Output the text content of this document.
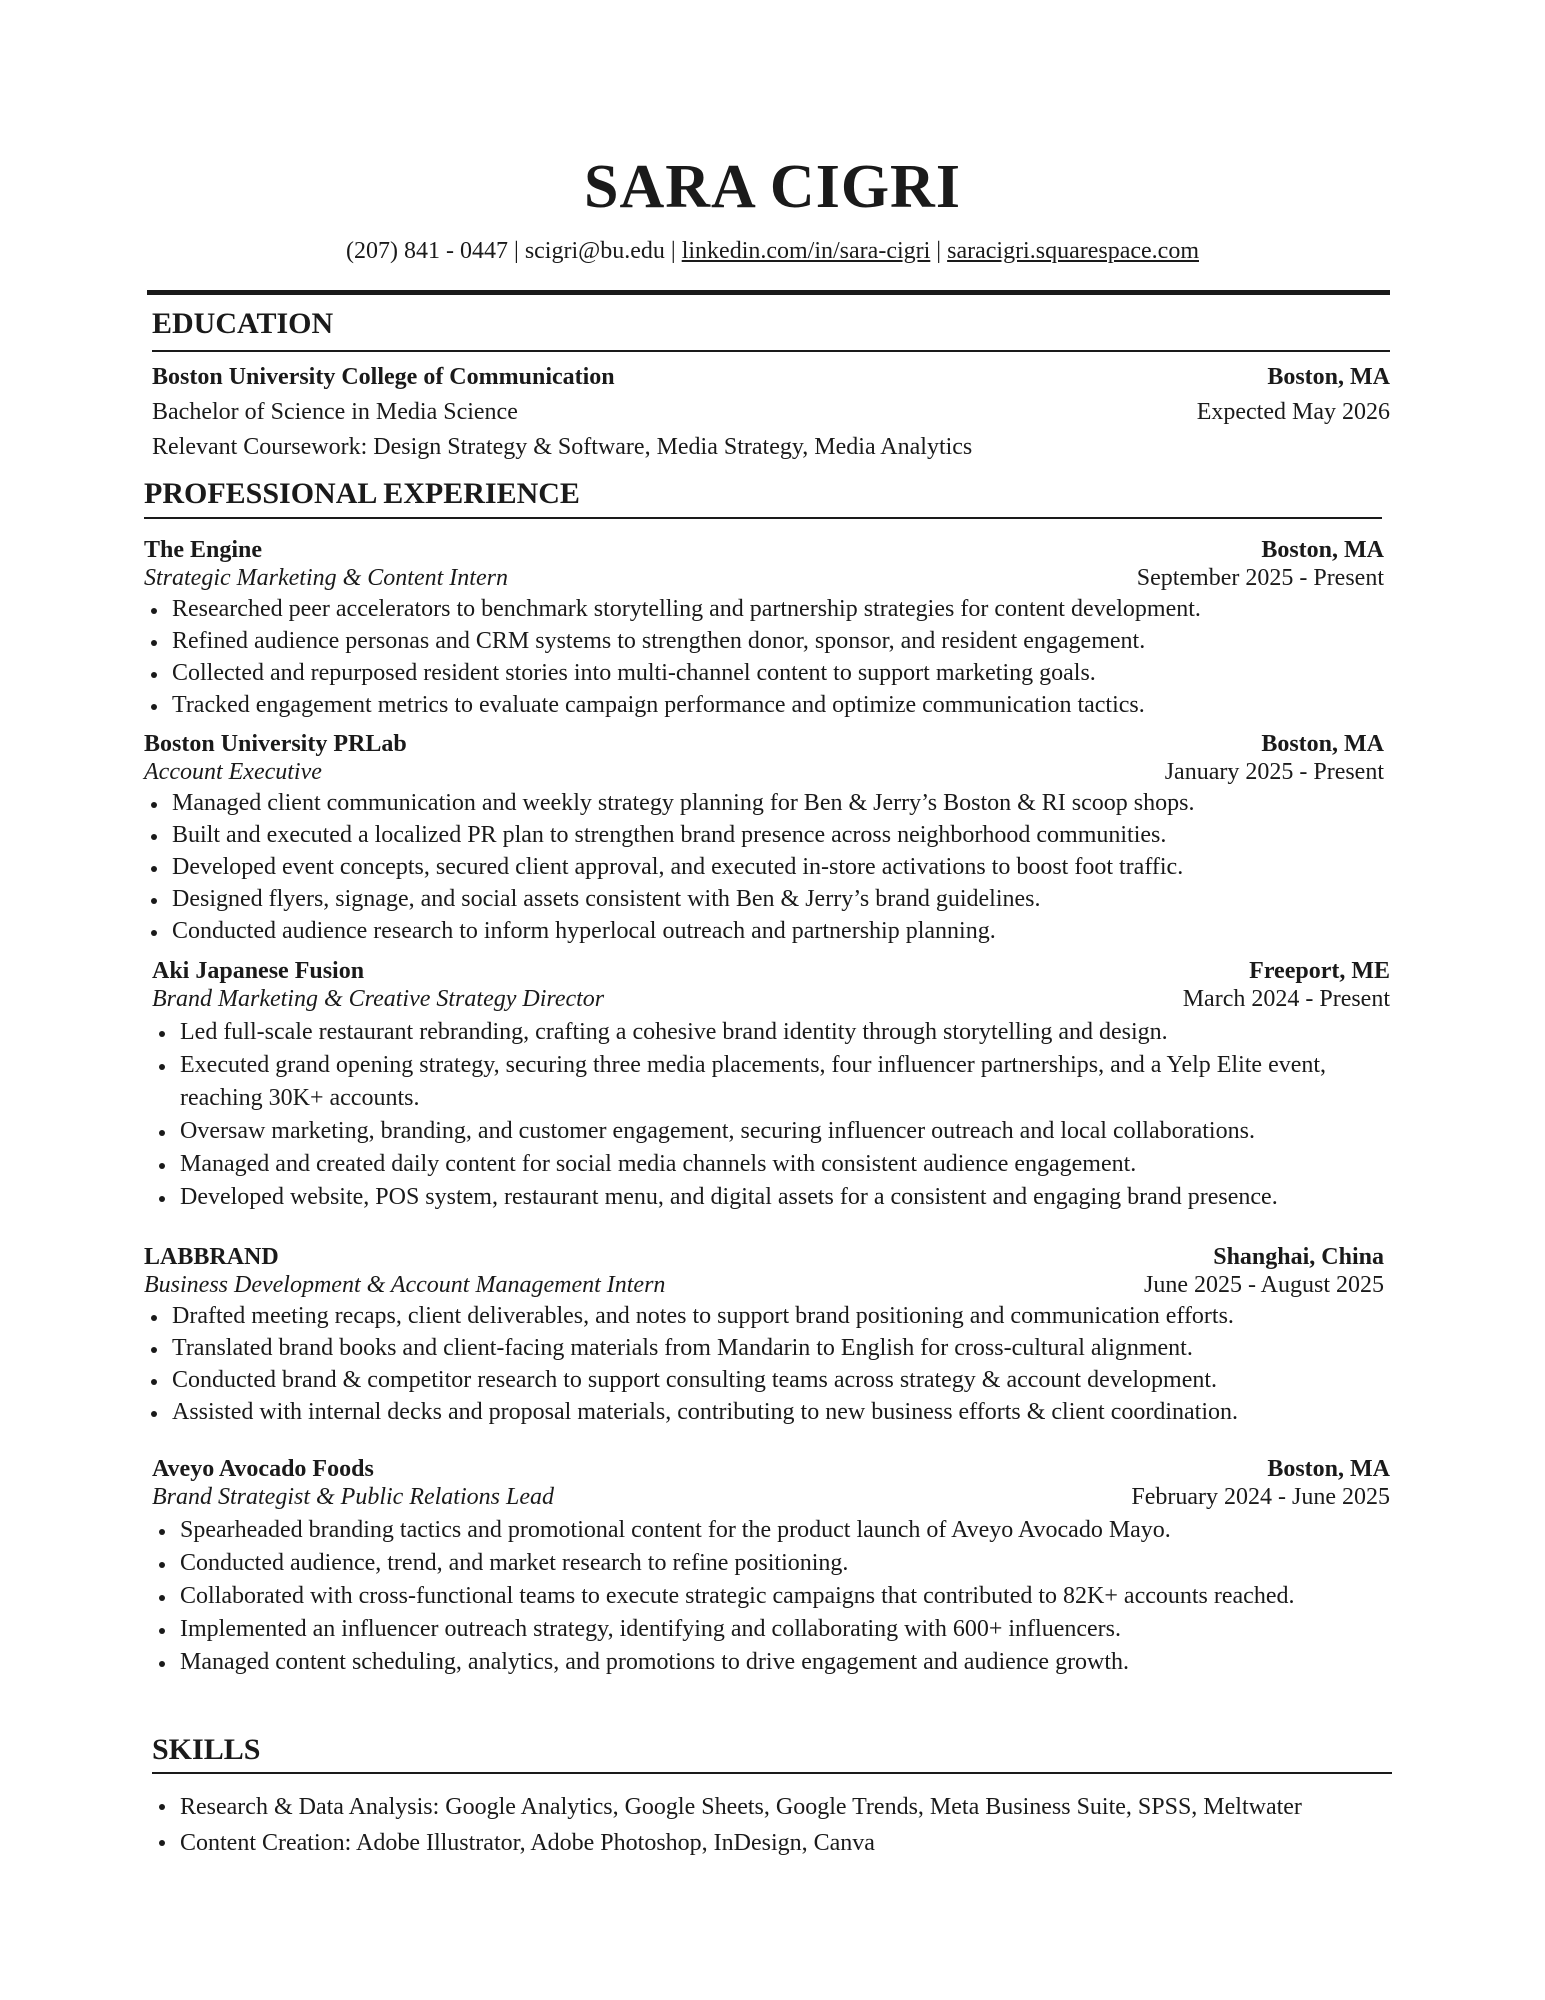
SARA CIGRI
(207) 841 - 0447 | scigri@bu.edu | linkedin.com/in/sara-cigri | saracigri.squarespace.com
EDUCATION
Boston University College of Communication	Boston, MA
Bachelor of Science in Media Science	Expected May 2026
Relevant Coursework: Design Strategy & Software, Media Strategy, Media Analytics
PROFESSIONAL EXPERIENCE
The Engine	Boston, MA
Strategic Marketing & Content Intern	September 2025 - Present
Researched peer accelerators to benchmark storytelling and partnership strategies for content development.
Refined audience personas and CRM systems to strengthen donor, sponsor, and resident engagement.
Collected and repurposed resident stories into multi-channel content to support marketing goals.
Tracked engagement metrics to evaluate campaign performance and optimize communication tactics.
Boston University PRLab	Boston, MA
Account Executive	January 2025 - Present
Managed client communication and weekly strategy planning for Ben & Jerry’s Boston & RI scoop shops.
Built and executed a localized PR plan to strengthen brand presence across neighborhood communities.
Developed event concepts, secured client approval, and executed in-store activations to boost foot traffic.
Designed flyers, signage, and social assets consistent with Ben & Jerry’s brand guidelines.
Conducted audience research to inform hyperlocal outreach and partnership planning.
Aki Japanese Fusion	Freeport, ME
Brand Marketing & Creative Strategy Director	March 2024 - Present
Led full-scale restaurant rebranding, crafting a cohesive brand identity through storytelling and design.
Executed grand opening strategy, securing three media placements, four influencer partnerships, and a Yelp Elite event, reaching 30K+ accounts.
Oversaw marketing, branding, and customer engagement, securing influencer outreach and local collaborations.
Managed and created daily content for social media channels with consistent audience engagement.
Developed website, POS system, restaurant menu, and digital assets for a consistent and engaging brand presence.
LABBRAND	Shanghai, China
Business Development & Account Management Intern	June 2025 - August 2025
Drafted meeting recaps, client deliverables, and notes to support brand positioning and communication efforts.
Translated brand books and client-facing materials from Mandarin to English for cross-cultural alignment.
Conducted brand & competitor research to support consulting teams across strategy & account development.
Assisted with internal decks and proposal materials, contributing to new business efforts & client coordination.
Aveyo Avocado Foods	Boston, MA
Brand Strategist & Public Relations Lead	February 2024 - June 2025
Spearheaded branding tactics and promotional content for the product launch of Aveyo Avocado Mayo.
Conducted audience, trend, and market research to refine positioning.
Collaborated with cross-functional teams to execute strategic campaigns that contributed to 82K+ accounts reached.
Implemented an influencer outreach strategy, identifying and collaborating with 600+ influencers.
Managed content scheduling, analytics, and promotions to drive engagement and audience growth.
SKILLS
Research & Data Analysis: Google Analytics, Google Sheets, Google Trends, Meta Business Suite, SPSS, Meltwater
Content Creation: Adobe Illustrator, Adobe Photoshop, InDesign, Canva
